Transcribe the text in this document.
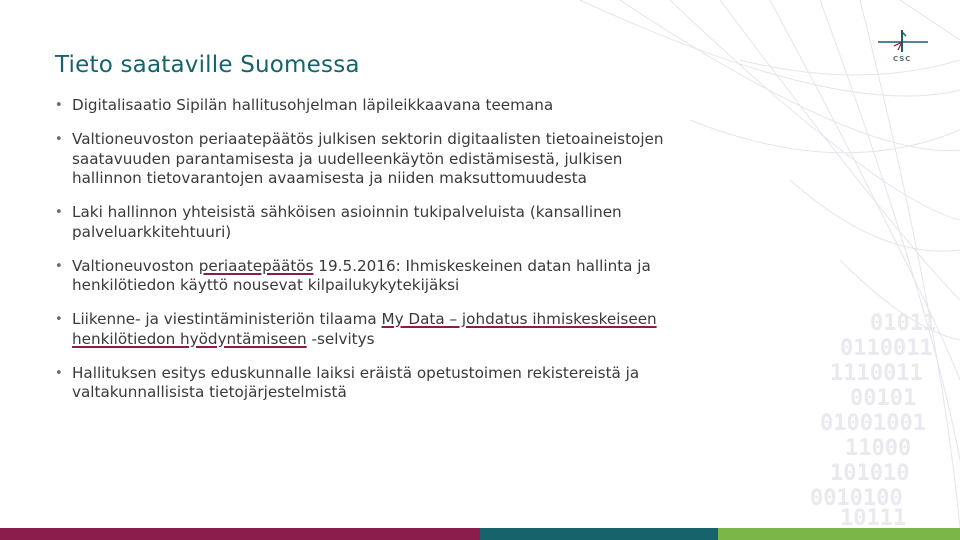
01011
0110011
1110011
00101
01001001
11000
101010
0010100
10111
CSC
Tieto saataville Suomessa
• Digitalisaatio Sipilän hallitusohjelman läpileikkaavana teemana
• Valtioneuvoston periaatepäätös julkisen sektorin digitaalisten tietoaineistojen saatavuuden parantamisesta ja uudelleenkäytön edistämisestä, julkisen hallinnon tietovarantojen avaamisesta ja niiden maksuttomuudesta
• Laki hallinnon yhteisistä sähköisen asioinnin tukipalveluista (kansallinen palveluarkkitehtuuri)
• Valtioneuvoston periaatepäätös 19.5.2016: Ihmiskeskeinen datan hallinta ja henkilötiedon käyttö nousevat kilpailukykytekijäksi
• Liikenne- ja viestintäministeriön tilaama My Data – johdatus ihmiskeskeiseen henkilötiedon hyödyntämiseen -selvitys
• Hallituksen esitys eduskunnalle laiksi eräistä opetustoimen rekistereistä ja valtakunnallisista tietojärjestelmistä
